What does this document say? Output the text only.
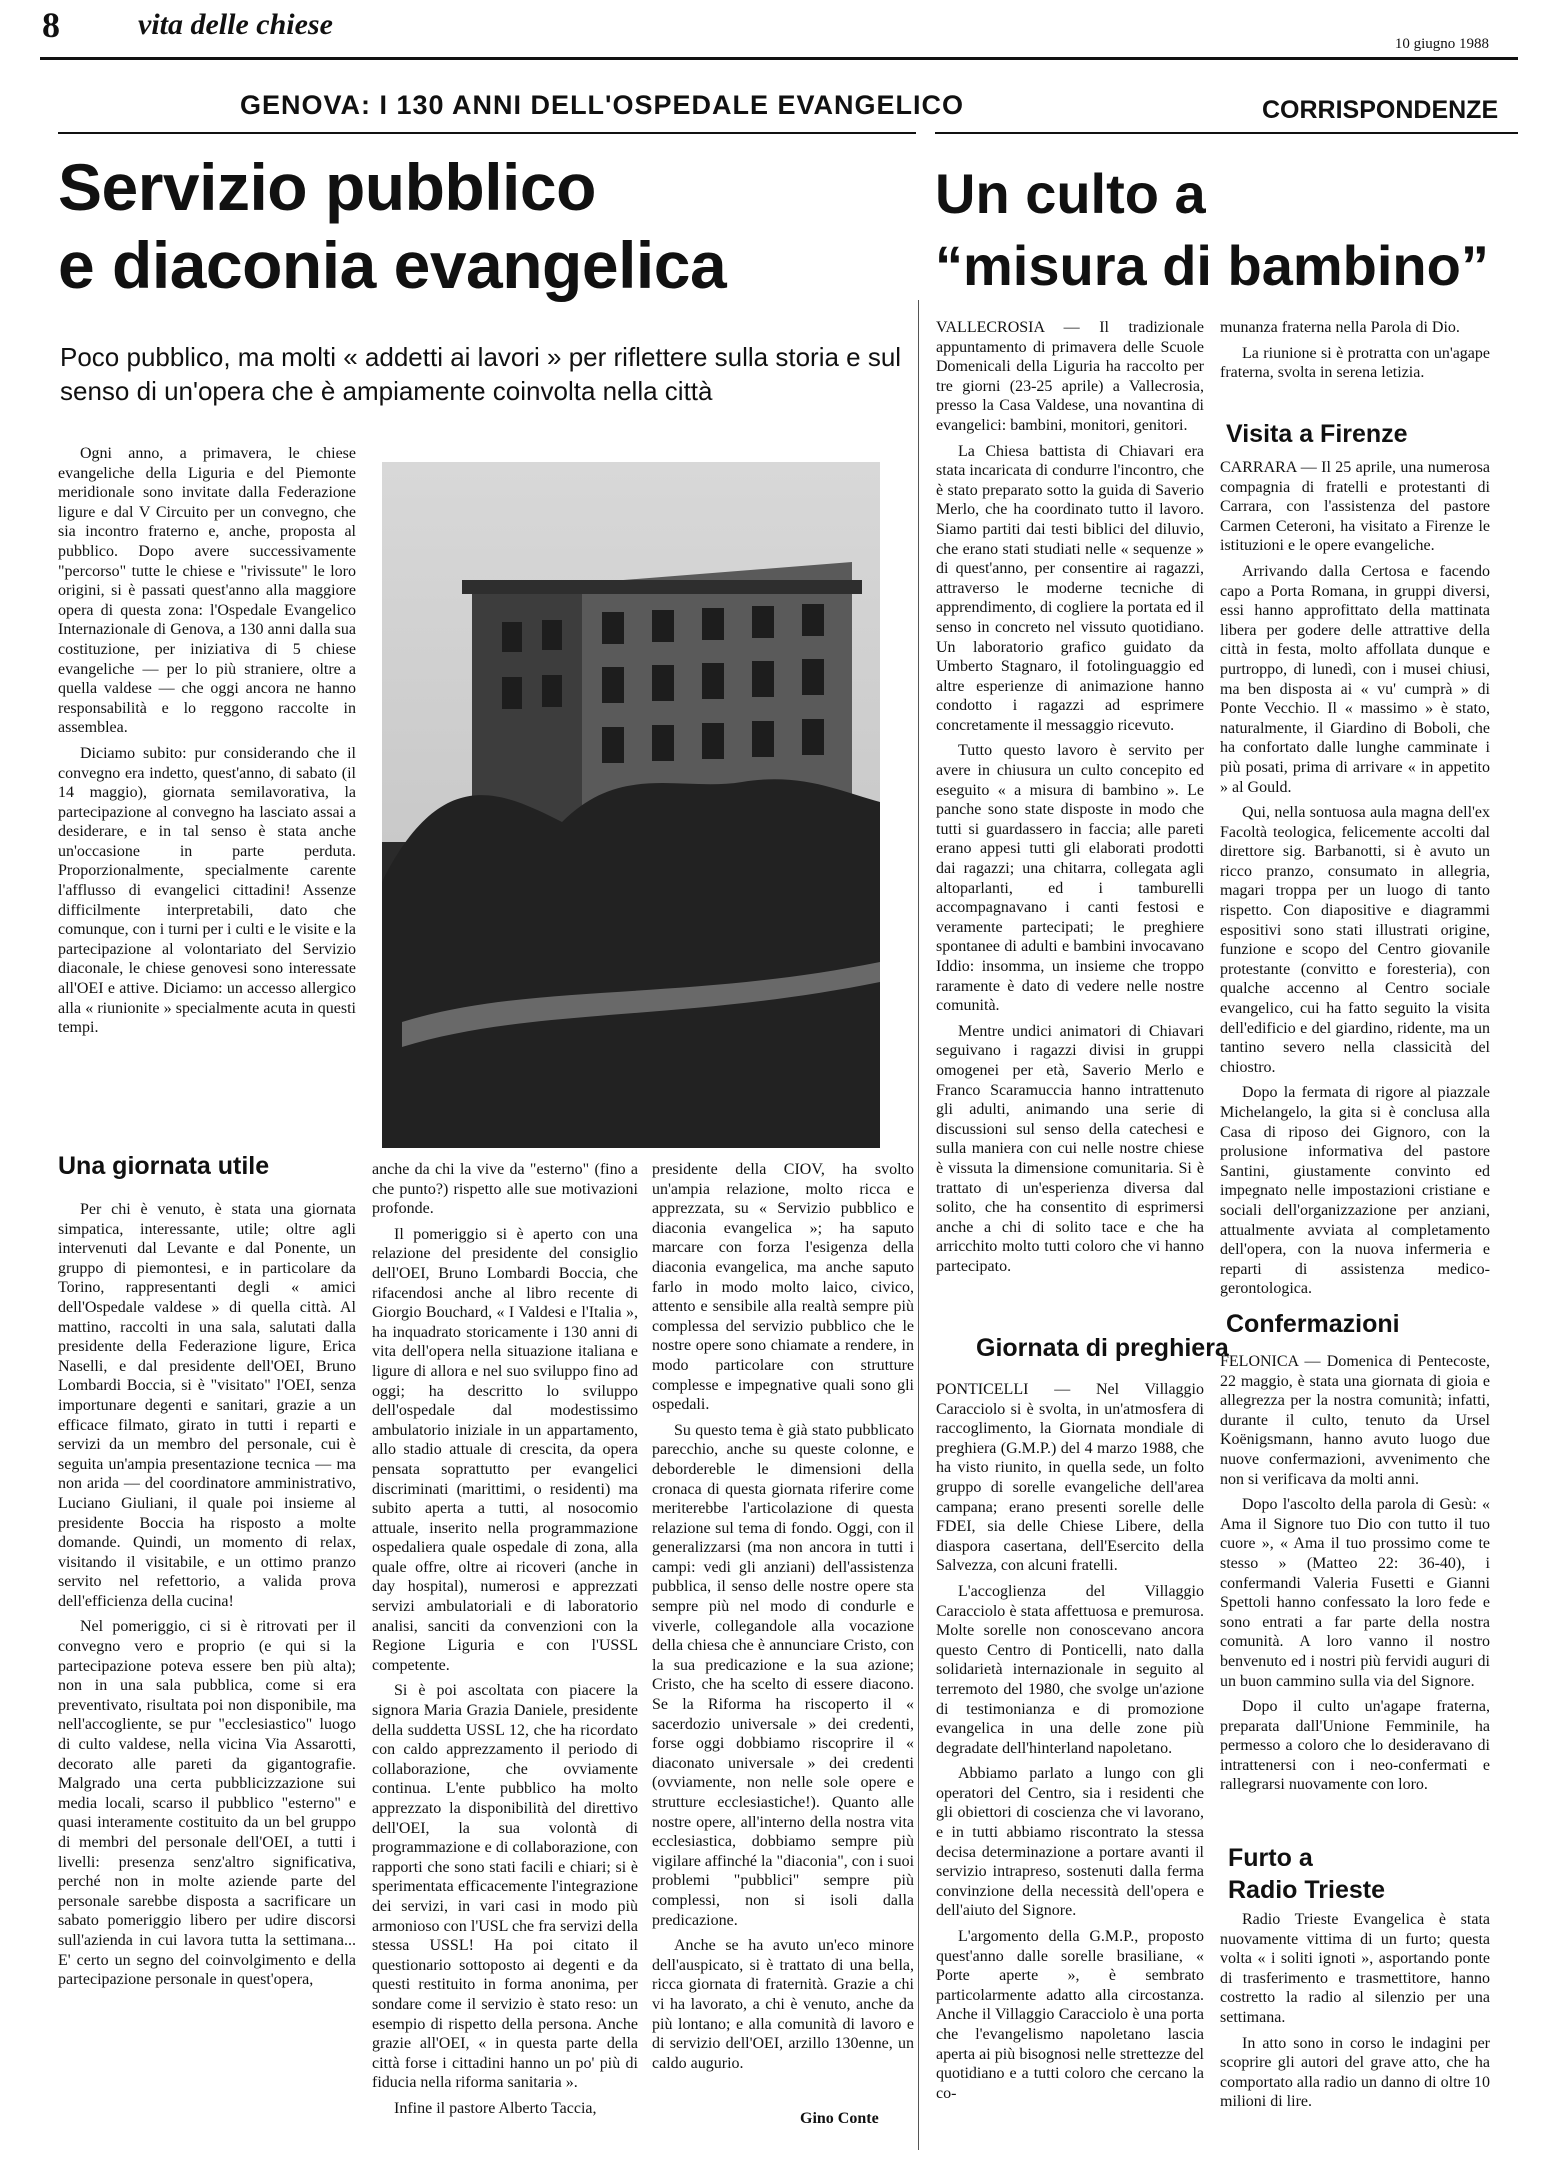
8	vita delle chiese
10 giugno 1988
GENOVA: I 130 ANNI DELL'OSPEDALE EVANGELICO
Servizio pubblico
e diaconia evangelica
Poco pubblico, ma molti « addetti ai lavori » per riflettere sulla storia e sul senso di un'opera che è ampiamente coinvolta nella città
CORRISPONDENZE
Un culto a
“misura di bambino”

Ogni anno, a primavera, le chiese evangeliche della Liguria e del Piemonte meridionale sono invitate dalla Federazione ligure e dal V Circuito per un convegno, che sia incontro fraterno e, anche, proposta al pubblico. Dopo avere successivamente "percorso" tutte le chiese e "rivissute" le loro origini, si è passati quest'anno alla maggiore opera di questa zona: l'Ospedale Evangelico Internazionale di Genova, a 130 anni dalla sua costituzione, per iniziativa di 5 chiese evangeliche — per lo più straniere, oltre a quella valdese — che oggi ancora ne hanno responsabilità e lo reggono raccolte in assemblea.

Diciamo subito: pur considerando che il convegno era indetto, quest'anno, di sabato (il 14 maggio), giornata semilavorativa, la partecipazione al convegno ha lasciato assai a desiderare, e in tal senso è stata anche un'occasione in parte perduta. Proporzionalmente, specialmente carente l'afflusso di evangelici cittadini! Assenze difficilmente interpretabili, dato che comunque, con i turni per i culti e le visite e la partecipazione al volontariato del Servizio diaconale, le chiese genovesi sono interessate all'OEI e attive. Diciamo: un accesso allergico alla « riunionite » specialmente acuta in questi tempi.

Una giornata utile

Per chi è venuto, è stata una giornata simpatica, interessante, utile; oltre agli intervenuti dal Levante e dal Ponente, un gruppo di piemontesi, e in particolare da Torino, rappresentanti degli « amici dell'Ospedale valdese » di quella città. Al mattino, raccolti in una sala, salutati dalla presidente della Federazione ligure, Erica Naselli, e dal presidente dell'OEI, Bruno Lombardi Boccia, si è "visitato" l'OEI, senza importunare degenti e sanitari, grazie a un efficace filmato, girato in tutti i reparti e servizi da un membro del personale, cui è seguita un'ampia presentazione tecnica — ma non arida — del coordinatore amministrativo, Luciano Giuliani, il quale poi insieme al presidente Boccia ha risposto a molte domande. Quindi, un momento di relax, visitando il visitabile, e un ottimo pranzo servito nel refettorio, a valida prova dell'efficienza della cucina!

Nel pomeriggio, ci si è ritrovati per il convegno vero e proprio (e qui si la partecipazione poteva essere ben più alta); non in una sala pubblica, come si era preventivato, risultata poi non disponibile, ma nell'accogliente, se pur "ecclesiastico" luogo di culto valdese, nella vicina Via Assarotti, decorato alle pareti da gigantografie. Malgrado una certa pubblicizzazione sui media locali, scarso il pubblico "esterno" e quasi interamente costituito da un bel gruppo di membri del personale dell'OEI, a tutti i livelli: presenza senz'altro significativa, perché non in molte aziende parte del personale sarebbe disposta a sacrificare un sabato pomeriggio libero per udire discorsi sull'azienda in cui lavora tutta la settimana... E' certo un segno del coinvolgimento e della partecipazione personale in quest'opera,

anche da chi la vive da "esterno" (fino a che punto?) rispetto alle sue motivazioni profonde.

Il pomeriggio si è aperto con una relazione del presidente del consiglio dell'OEI, Bruno Lombardi Boccia, che rifacendosi anche al libro recente di Giorgio Bouchard, « I Valdesi e l'Italia », ha inquadrato storicamente i 130 anni di vita dell'opera nella situazione italiana e ligure di allora e nel suo sviluppo fino ad oggi; ha descritto lo sviluppo dell'ospedale dal modestissimo ambulatorio iniziale in un appartamento, allo stadio attuale di crescita, da opera pensata soprattutto per evangelici discriminati (marittimi, o residenti) ma subito aperta a tutti, al nosocomio attuale, inserito nella programmazione ospedaliera quale ospedale di zona, alla quale offre, oltre ai ricoveri (anche in day hospital), numerosi e apprezzati servizi ambulatoriali e di laboratorio analisi, sanciti da convenzioni con la Regione Liguria e con l'USSL competente.

Si è poi ascoltata con piacere la signora Maria Grazia Daniele, presidente della suddetta USSL 12, che ha ricordato con caldo apprezzamento il periodo di collaborazione, che ovviamente continua. L'ente pubblico ha molto apprezzato la disponibilità del direttivo dell'OEI, la sua volontà di programmazione e di collaborazione, con rapporti che sono stati facili e chiari; si è sperimentata efficacemente l'integrazione dei servizi, in vari casi in modo più armonioso con l'USL che fra servizi della stessa USSL! Ha poi citato il questionario sottoposto ai degenti e da questi restituito in forma anonima, per sondare come il servizio è stato reso: un esempio di rispetto della persona. Anche grazie all'OEI, « in questa parte della città forse i cittadini hanno un po' più di fiducia nella riforma sanitaria ».

Infine il pastore Alberto Taccia,

presidente della CIOV, ha svolto un'ampia relazione, molto ricca e apprezzata, su « Servizio pubblico e diaconia evangelica »; ha saputo marcare con forza l'esigenza della diaconia evangelica, ma anche saputo farlo in modo molto laico, civico, attento e sensibile alla realtà sempre più complessa del servizio pubblico che le nostre opere sono chiamate a rendere, in modo particolare con strutture complesse e impegnative quali sono gli ospedali.

Su questo tema è già stato pubblicato parecchio, anche su queste colonne, e debordereble le dimensioni della cronaca di questa giornata riferire come meriterebbe l'articolazione di questa relazione sul tema di fondo. Oggi, con il generalizzarsi (ma non ancora in tutti i campi: vedi gli anziani) dell'assistenza pubblica, il senso delle nostre opere sta sempre più nel modo di condurle e viverle, collegandole alla vocazione della chiesa che è annunciare Cristo, con la sua predicazione e la sua azione; Cristo, che ha scelto di essere diacono. Se la Riforma ha riscoperto il « sacerdozio universale » dei credenti, forse oggi dobbiamo riscoprire il « diaconato universale » dei credenti (ovviamente, non nelle sole opere e strutture ecclesiastiche!). Quanto alle nostre opere, all'interno della nostra vita ecclesiastica, dobbiamo sempre più vigilare affinché la "diaconia", con i suoi problemi "pubblici" sempre più complessi, non si isoli dalla predicazione.

Anche se ha avuto un'eco minore dell'auspicato, si è trattato di una bella, ricca giornata di fraternità. Grazie a chi vi ha lavorato, a chi è venuto, anche da più lontano; e alla comunità di lavoro e di servizio dell'OEI, arzillo 130enne, un caldo augurio.

Gino Conte

VALLECROSIA — Il tradizionale appuntamento di primavera delle Scuole Domenicali della Liguria ha raccolto per tre giorni (23-25 aprile) a Vallecrosia, presso la Casa Valdese, una novantina di evangelici: bambini, monitori, genitori.

La Chiesa battista di Chiavari era stata incaricata di condurre l'incontro, che è stato preparato sotto la guida di Saverio Merlo, che ha coordinato tutto il lavoro. Siamo partiti dai testi biblici del diluvio, che erano stati studiati nelle « sequenze » di quest'anno, per consentire ai ragazzi, attraverso le moderne tecniche di apprendimento, di cogliere la portata ed il senso in concreto nel vissuto quotidiano. Un laboratorio grafico guidato da Umberto Stagnaro, il fotolinguaggio ed altre esperienze di animazione hanno condotto i ragazzi ad esprimere concretamente il messaggio ricevuto.

Tutto questo lavoro è servito per avere in chiusura un culto concepito ed eseguito « a misura di bambino ». Le panche sono state disposte in modo che tutti si guardassero in faccia; alle pareti erano appesi tutti gli elaborati prodotti dai ragazzi; una chitarra, collegata agli altoparlanti, ed i tamburelli accompagnavano i canti festosi e veramente partecipati; le preghiere spontanee di adulti e bambini invocavano Iddio: insomma, un insieme che troppo raramente è dato di vedere nelle nostre comunità.

Mentre undici animatori di Chiavari seguivano i ragazzi divisi in gruppi omogenei per età, Saverio Merlo e Franco Scaramuccia hanno intrattenuto gli adulti, animando una serie di discussioni sul senso della catechesi e sulla maniera con cui nelle nostre chiese è vissuta la dimensione comunitaria. Si è trattato di un'esperienza diversa dal solito, che ha consentito di esprimersi anche a chi di solito tace e che ha arricchito molto tutti coloro che vi hanno partecipato.

Giornata di preghiera

PONTICELLI — Nel Villaggio Caracciolo si è svolta, in un'atmosfera di raccoglimento, la Giornata mondiale di preghiera (G.M.P.) del 4 marzo 1988, che ha visto riunito, in quella sede, un folto gruppo di sorelle evangeliche dell'area campana; erano presenti sorelle delle FDEI, sia delle Chiese Libere, della diaspora casertana, dell'Esercito della Salvezza, con alcuni fratelli.

L'accoglienza del Villaggio Caracciolo è stata affettuosa e premurosa. Molte sorelle non conoscevano ancora questo Centro di Ponticelli, nato dalla solidarietà internazionale in seguito al terremoto del 1980, che svolge un'azione di testimonianza e di promozione evangelica in una delle zone più degradate dell'hinterland napoletano.

Abbiamo parlato a lungo con gli operatori del Centro, sia i residenti che gli obiettori di coscienza che vi lavorano, e in tutti abbiamo riscontrato la stessa decisa determinazione a portare avanti il servizio intrapreso, sostenuti dalla ferma convinzione della necessità dell'opera e dell'aiuto del Signore.

L'argomento della G.M.P., proposto quest'anno dalle sorelle brasiliane, « Porte aperte », è sembrato particolarmente adatto alla circostanza. Anche il Villaggio Caracciolo è una porta che l'evangelismo napoletano lascia aperta ai più bisognosi nelle strettezze del quotidiano e a tutti coloro che cercano la co-

munanza fraterna nella Parola di Dio.

La riunione si è protratta con un'agape fraterna, svolta in serena letizia.

Visita a Firenze

CARRARA — Il 25 aprile, una numerosa compagnia di fratelli e protestanti di Carrara, con l'assistenza del pastore Carmen Ceteroni, ha visitato a Firenze le istituzioni e le opere evangeliche.

Arrivando dalla Certosa e facendo capo a Porta Romana, in gruppi diversi, essi hanno approfittato della mattinata libera per godere delle attrattive della città in festa, molto affollata dunque e purtroppo, di lunedì, con i musei chiusi, ma ben disposta ai « vu' cumprà » di Ponte Vecchio. Il « massimo » è stato, naturalmente, il Giardino di Boboli, che ha confortato dalle lunghe camminate i più posati, prima di arrivare « in appetito » al Gould.

Qui, nella sontuosa aula magna dell'ex Facoltà teologica, felicemente accolti dal direttore sig. Barbanotti, si è avuto un ricco pranzo, consumato in allegria, magari troppa per un luogo di tanto rispetto. Con diapositive e diagrammi espositivi sono stati illustrati origine, funzione e scopo del Centro giovanile protestante (convitto e foresteria), con qualche accenno al Centro sociale evangelico, cui ha fatto seguito la visita dell'edificio e del giardino, ridente, ma un tantino severo nella classicità del chiostro.

Dopo la fermata di rigore al piazzale Michelangelo, la gita si è conclusa alla Casa di riposo dei Gignoro, con la prolusione informativa del pastore Santini, giustamente convinto ed impegnato nelle impostazioni cristiane e sociali dell'organizzazione per anziani, attualmente avviata al completamento dell'opera, con la nuova infermeria e reparti di assistenza medico-gerontologica.

Confermazioni

FELONICA — Domenica di Pentecoste, 22 maggio, è stata una giornata di gioia e allegrezza per la nostra comunità; infatti, durante il culto, tenuto da Ursel Koënigsmann, hanno avuto luogo due nuove confermazioni, avvenimento che non si verificava da molti anni.

Dopo l'ascolto della parola di Gesù: « Ama il Signore tuo Dio con tutto il tuo cuore », « Ama il tuo prossimo come te stesso » (Matteo 22: 36-40), i confermandi Valeria Fusetti e Gianni Spettoli hanno confessato la loro fede e sono entrati a far parte della nostra comunità. A loro vanno il nostro benvenuto ed i nostri più fervidi auguri di un buon cammino sulla via del Signore.

Dopo il culto un'agape fraterna, preparata dall'Unione Femminile, ha permesso a coloro che lo desideravano di intrattenersi con i neo-confermati e rallegrarsi nuovamente con loro.

Furto a
Radio Trieste

Radio Trieste Evangelica è stata nuovamente vittima di un furto; questa volta « i soliti ignoti », asportando ponte di trasferimento e trasmettitore, hanno costretto la radio al silenzio per una settimana.

In atto sono in corso le indagini per scoprire gli autori del grave atto, che ha comportato alla radio un danno di oltre 10 milioni di lire.
